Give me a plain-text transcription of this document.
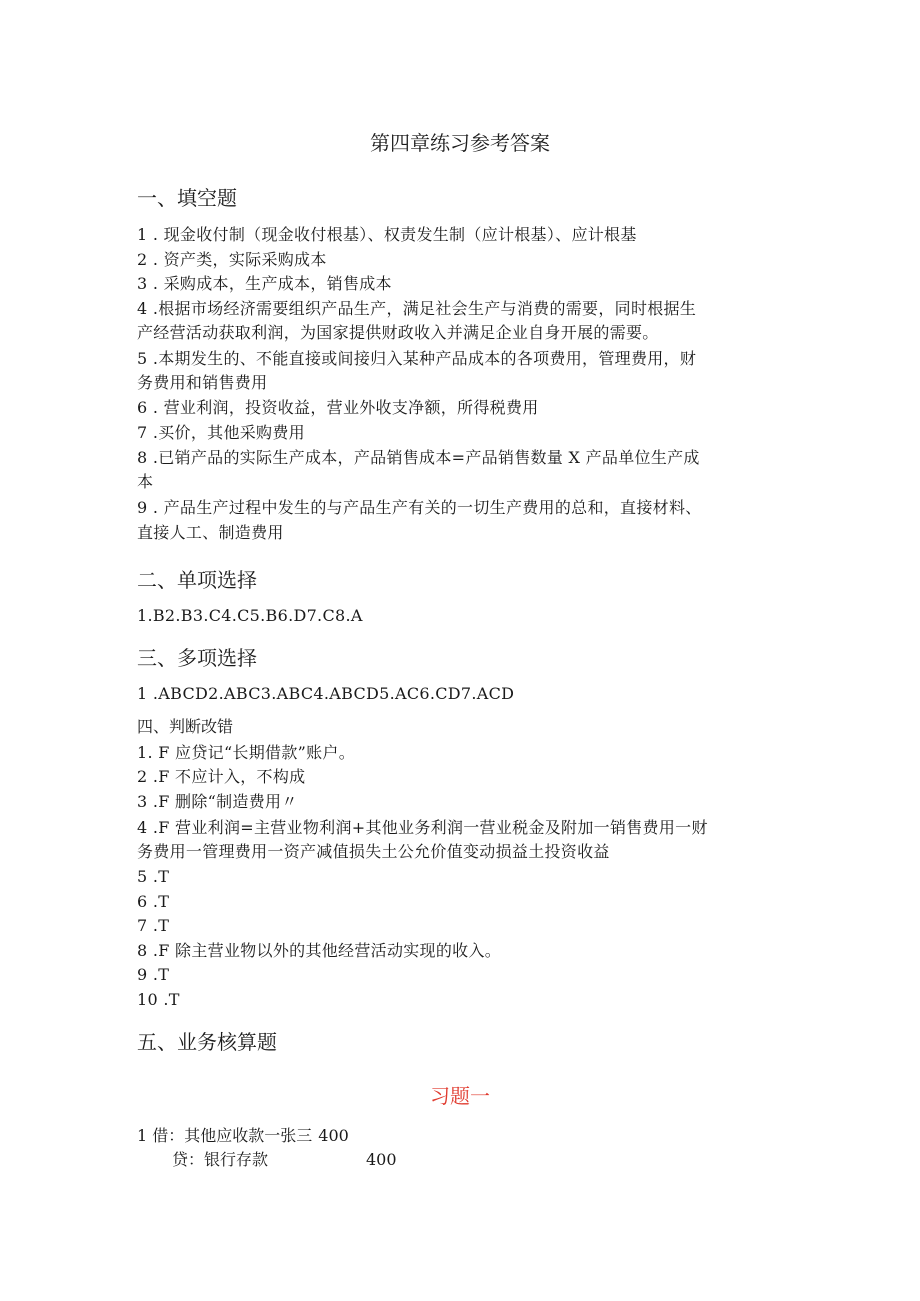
第四章练习参考答案
一、填空题
1 . 现金收付制（现金收付根基）、权责发生制（应计根基）、应计根基
2 . 资产类，实际采购成本
3 . 采购成本，生产成本，销售成本
4 .根据市场经济需要组织产品生产，满足社会生产与消费的需要，同时根据生
产经营活动获取利润，为国家提供财政收入并满足企业自身开展的需要。
5 .本期发生的、不能直接或间接归入某种产品成本的各项费用，管理费用，财
务费用和销售费用
6 . 营业利润，投资收益，营业外收支净额，所得税费用
7 .买价，其他采购费用
8 .已销产品的实际生产成本，产品销售成本=产品销售数量 X 产品单位生产成
本
9 . 产品生产过程中发生的与产品生产有关的一切生产费用的总和，直接材料、
直接人工、制造费用
二、单项选择
1.B2.B3.C4.C5.B6.D7.C8.A
三、多项选择
1 .ABCD2.ABC3.ABC4.ABCD5.AC6.CD7.ACD
四、判断改错
1. F 应贷记“长期借款”账户。
2 .F 不应计入，不构成
3 .F 删除“制造费用〃
4 .F 营业利润=主营业物利润+其他业务利润一营业税金及附加一销售费用一财
务费用一管理费用一资产减值损失土公允价值变动损益土投资收益
5 .T
6 .T
7 .T
8 .F 除主营业物以外的其他经营活动实现的收入。
9 .T
10 .T
五、业务核算题
习题一
1 借：其他应收款一张三 400
贷：银行存款	400
